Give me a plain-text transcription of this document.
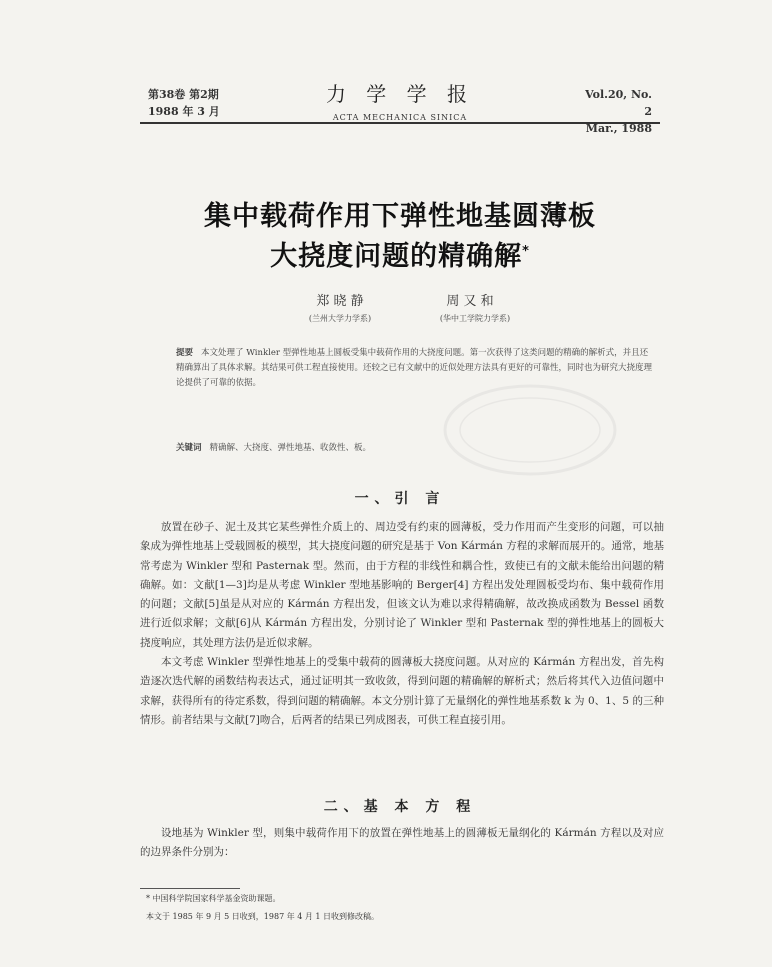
第38卷 第2期
1988 年 3 月
力 学 学 报
ACTA MECHANICA SINICA
Vol.20, No. 2
Mar., 1988
集中载荷作用下弹性地基圆薄板
大挠度问题的精确解*
郑 晓 静	周 又 和
(兰州大学力学系)	(华中工学院力学系)
提要 本文处理了 Winkler 型弹性地基上圆板受集中载荷作用的大挠度问题。第一次获得了这类问题的精确的解析式，并且还精确算出了具体求解。其结果可供工程直接使用。还较之已有文献中的近似处理方法具有更好的可靠性，同时也为研究大挠度理论提供了可靠的依据。
关键词 精确解、大挠度、弹性地基、收敛性、板。
一、引 言

放置在砂子、泥土及其它某些弹性介质上的、周边受有约束的圆薄板，受力作用而产生变形的问题，可以抽象成为弹性地基上受载圆板的模型，其大挠度问题的研究是基于 Von Kármán 方程的求解而展开的。通常，地基常考虑为 Winkler 型和 Pasternak 型。然而，由于方程的非线性和耦合性，致使已有的文献未能给出问题的精确解。如：文献[1—3]均是从考虑 Winkler 型地基影响的 Berger[4] 方程出发处理圆板受均布、集中载荷作用的问题；文献[5]虽是从对应的 Kármán 方程出发，但该文认为难以求得精确解，故改换成函数为 Bessel 函数进行近似求解；文献[6]从 Kármán 方程出发，分别讨论了 Winkler 型和 Pasternak 型的弹性地基上的圆板大挠度响应，其处理方法仍是近似求解。

本文考虑 Winkler 型弹性地基上的受集中载荷的圆薄板大挠度问题。从对应的 Kármán 方程出发，首先构造逐次迭代解的函数结构表达式，通过证明其一致收敛，得到问题的精确解的解析式；然后将其代入边值问题中求解，获得所有的待定系数，得到问题的精确解。本文分别计算了无量纲化的弹性地基系数 k 为 0、1、5 的三种情形。前者结果与文献[7]吻合，后两者的结果已列成图表，可供工程直接引用。

二、基 本 方 程

设地基为 Winkler 型，则集中载荷作用下的放置在弹性地基上的圆薄板无量纲化的 Kármán 方程以及对应的边界条件分别为：

* 中国科学院国家科学基金资助课题。
本文于 1985 年 9 月 5 日收到，1987 年 4 月 1 日收到修改稿。
